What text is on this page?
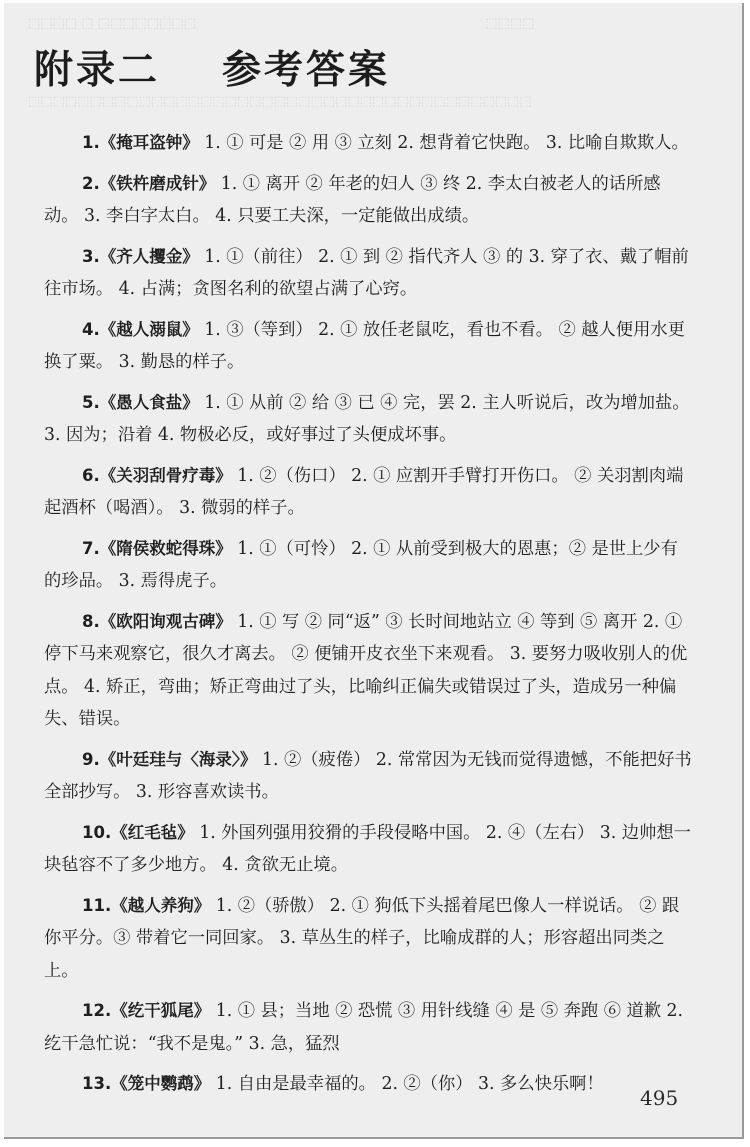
⬚⬚⬚⬚ ⬚ ⬚⬚⬚⬚⬚⬚⬚⬚                                                                      ⬚⬚⬚⬚
⬚⬚⬚⬚⬚⬚⬚⬚⬚⬚⬚⬚⬚⬚⬚⬚⬚⬚⬚⬚⬚⬚⬚⬚⬚⬚⬚⬚⬚⬚⬚⬚⬚⬚⬚⬚⬚⬚⬚⬚⬚
附录二 参考答案

1.《掩耳盗钟》 1. ① 可是 ② 用 ③ 立刻 2. 想背着它快跑。 3. 比喻自欺欺人。

2.《铁杵磨成针》 1. ① 离开 ② 年老的妇人 ③ 终 2. 李太白被老人的话所感动。 3. 李白字太白。 4. 只要工夫深，一定能做出成绩。

3.《齐人攫金》 1. ①（前往） 2. ① 到 ② 指代齐人 ③ 的 3. 穿了衣、戴了帽前往市场。 4. 占满；贪图名利的欲望占满了心窍。

4.《越人溺鼠》 1. ③（等到） 2. ① 放任老鼠吃，看也不看。 ② 越人便用水更换了粟。 3. 勤恳的样子。

5.《愚人食盐》 1. ① 从前 ② 给 ③ 已 ④ 完，罢 2. 主人听说后，改为增加盐。 3. 因为；沿着 4. 物极必反，或好事过了头便成坏事。

6.《关羽刮骨疗毒》 1. ②（伤口） 2. ① 应割开手臂打开伤口。 ② 关羽割肉端起酒杯（喝酒）。 3. 微弱的样子。

7.《隋侯救蛇得珠》 1. ①（可怜） 2. ① 从前受到极大的恩惠；② 是世上少有的珍品。 3. 焉得虎子。

8.《欧阳询观古碑》 1. ① 写 ② 同“返” ③ 长时间地站立 ④ 等到 ⑤ 离开 2. ① 停下马来观察它，很久才离去。 ② 便铺开皮衣坐下来观看。 3. 要努力吸收别人的优点。 4. 矫正，弯曲；矫正弯曲过了头，比喻纠正偏失或错误过了头，造成另一种偏失、错误。

9.《叶廷珪与〈海录〉》 1. ②（疲倦） 2. 常常因为无钱而觉得遗憾，不能把好书全部抄写。 3. 形容喜欢读书。

10.《红毛毡》 1. 外国列强用狡猾的手段侵略中国。 2. ④（左右） 3. 边帅想一块毡容不了多少地方。 4. 贪欲无止境。

11.《越人养狗》 1. ②（骄傲） 2. ① 狗低下头摇着尾巴像人一样说话。 ② 跟你平分。③ 带着它一同回家。 3. 草丛生的样子，比喻成群的人；形容超出同类之上。

12.《纥干狐尾》 1. ① 县；当地 ② 恐慌 ③ 用针线缝 ④ 是 ⑤ 奔跑 ⑥ 道歉 2. 纥干急忙说：“我不是鬼。” 3. 急，猛烈

13.《笼中鹦鹉》 1. 自由是最幸福的。 2. ②（你） 3. 多么快乐啊！

495
